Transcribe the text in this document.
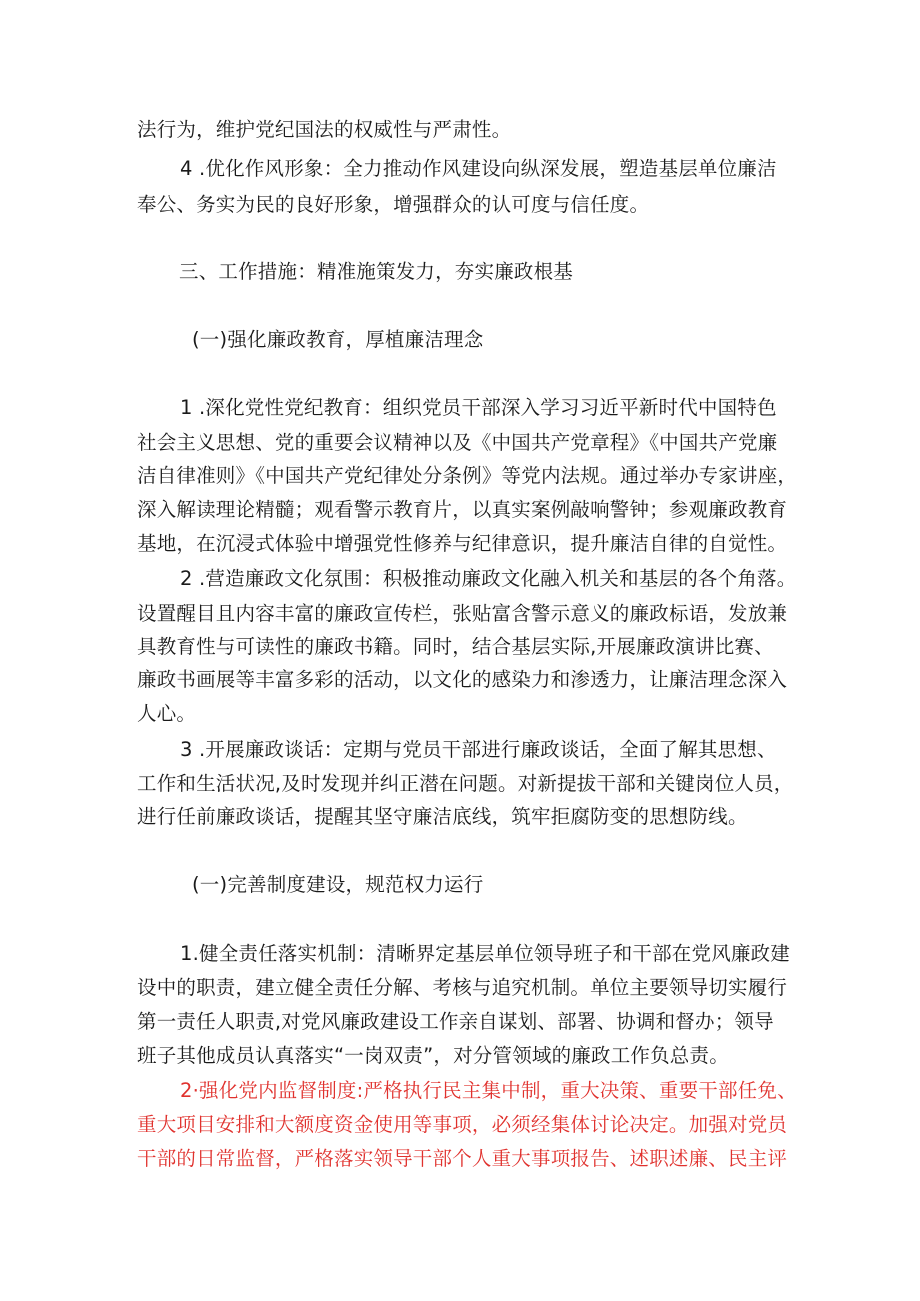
法行为，维护党纪国法的权威性与严肃性。
4 .优化作风形象：全力推动作风建设向纵深发展，塑造基层单位廉洁
奉公、务实为民的良好形象，增强群众的认可度与信任度。
三、工作措施：精准施策发力，夯实廉政根基
(一)强化廉政教育，厚植廉洁理念
1 .深化党性党纪教育：组织党员干部深入学习习近平新时代中国特色
社会主义思想、党的重要会议精神以及《中国共产党章程》《中国共产党廉
洁自律准则》《中国共产党纪律处分条例》等党内法规。通过举办专家讲座，
深入解读理论精髓；观看警示教育片，以真实案例敲响警钟；参观廉政教育
基地，在沉浸式体验中增强党性修养与纪律意识，提升廉洁自律的自觉性。
2 .营造廉政文化氛围：积极推动廉政文化融入机关和基层的各个角落。
设置醒目且内容丰富的廉政宣传栏，张贴富含警示意义的廉政标语，发放兼
具教育性与可读性的廉政书籍。同时，结合基层实际,开展廉政演讲比赛、
廉政书画展等丰富多彩的活动，以文化的感染力和渗透力，让廉洁理念深入
人心。
3 .开展廉政谈话：定期与党员干部进行廉政谈话，全面了解其思想、
工作和生活状况,及时发现并纠正潜在问题。对新提拔干部和关键岗位人员，
进行任前廉政谈话，提醒其坚守廉洁底线，筑牢拒腐防变的思想防线。
(一)完善制度建设，规范权力运行
1.健全责任落实机制：清晰界定基层单位领导班子和干部在党风廉政建
设中的职责，建立健全责任分解、考核与追究机制。单位主要领导切实履行
第一责任人职责,对党风廉政建设工作亲自谋划、部署、协调和督办；领导
班子其他成员认真落实“一岗双责”，对分管领域的廉政工作负总责。
2·强化党内监督制度:严格执行民主集中制，重大决策、重要干部任免、
重大项目安排和大额度资金使用等事项，必须经集体讨论决定。加强对党员
干部的日常监督，严格落实领导干部个人重大事项报告、述职述廉、民主评
